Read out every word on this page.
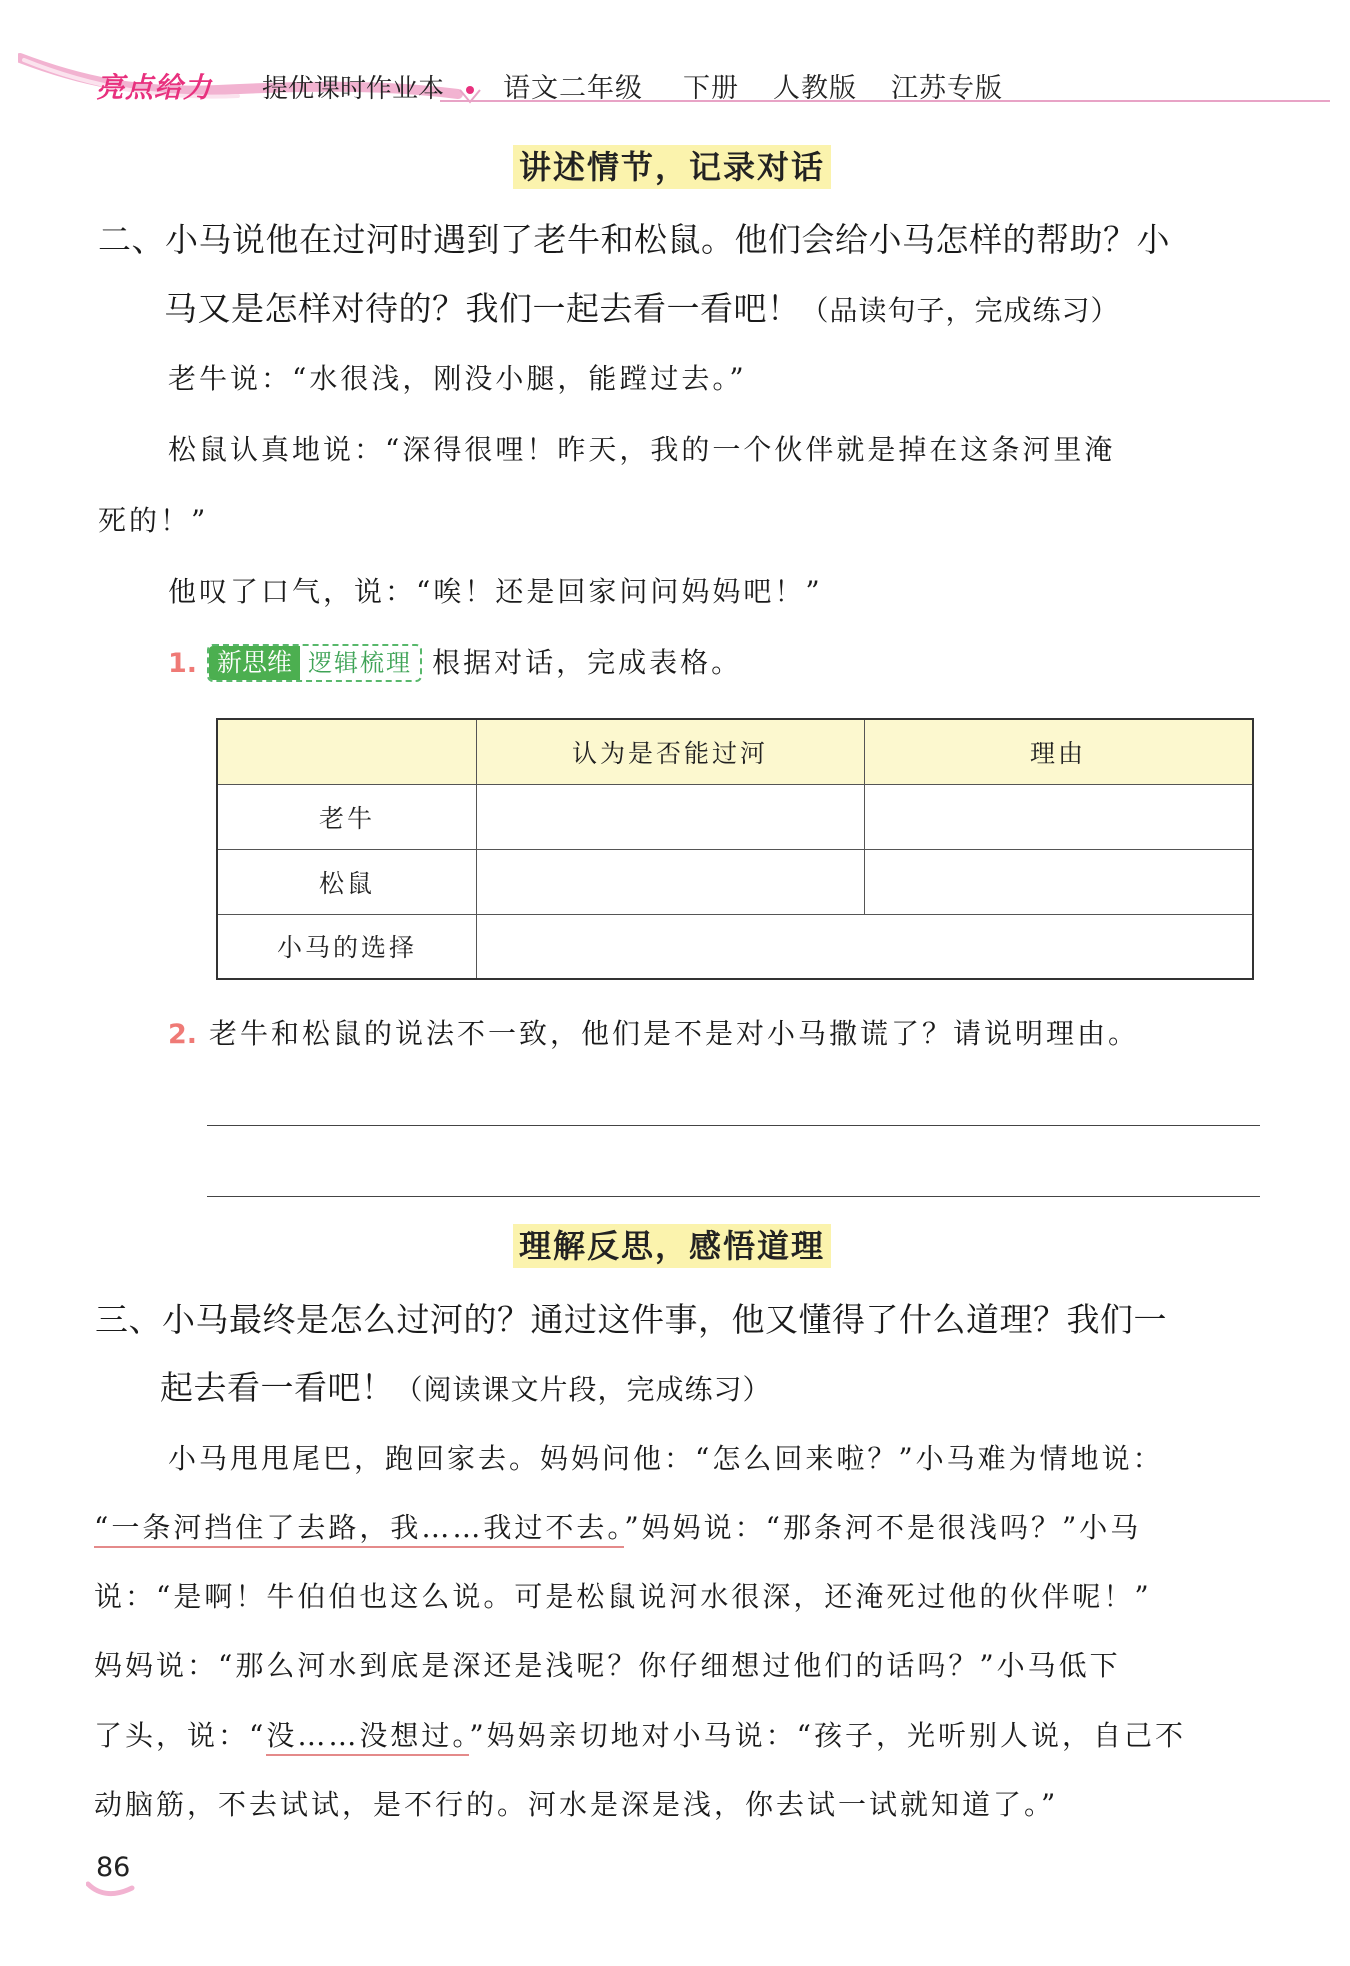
亮点给力 提优课时作业本 语文二年级 下册 人教版 江苏专版
讲述情节，记录对话
二、小马说他在过河时遇到了老牛和松鼠。他们会给小马怎样的帮助？小
马又是怎样对待的？我们一起去看一看吧！（品读句子，完成练习）
老牛说：“水很浅，刚没小腿，能蹚过去。”
松鼠认真地说：“深得很哩！昨天，我的一个伙伴就是掉在这条河里淹
死的！”
他叹了口气，说：“唉！还是回家问问妈妈吧！”
1. 新思维 逻辑梳理 根据对话，完成表格。
认为是否能过河	理由
老牛
松鼠
小马的选择
2. 老牛和松鼠的说法不一致，他们是不是对小马撒谎了？请说明理由。
理解反思，感悟道理
三、小马最终是怎么过河的？通过这件事，他又懂得了什么道理？我们一
起去看一看吧！（阅读课文片段，完成练习）
小马甩甩尾巴，跑回家去。妈妈问他：“怎么回来啦？”小马难为情地说：
“一条河挡住了去路，我……我过不去。”妈妈说：“那条河不是很浅吗？”小马
说：“是啊！牛伯伯也这么说。可是松鼠说河水很深，还淹死过他的伙伴呢！”
妈妈说：“那么河水到底是深还是浅呢？你仔细想过他们的话吗？”小马低下
了头，说：“没……没想过。”妈妈亲切地对小马说：“孩子，光听别人说，自己不
动脑筋，不去试试，是不行的。河水是深是浅，你去试一试就知道了。”
86
